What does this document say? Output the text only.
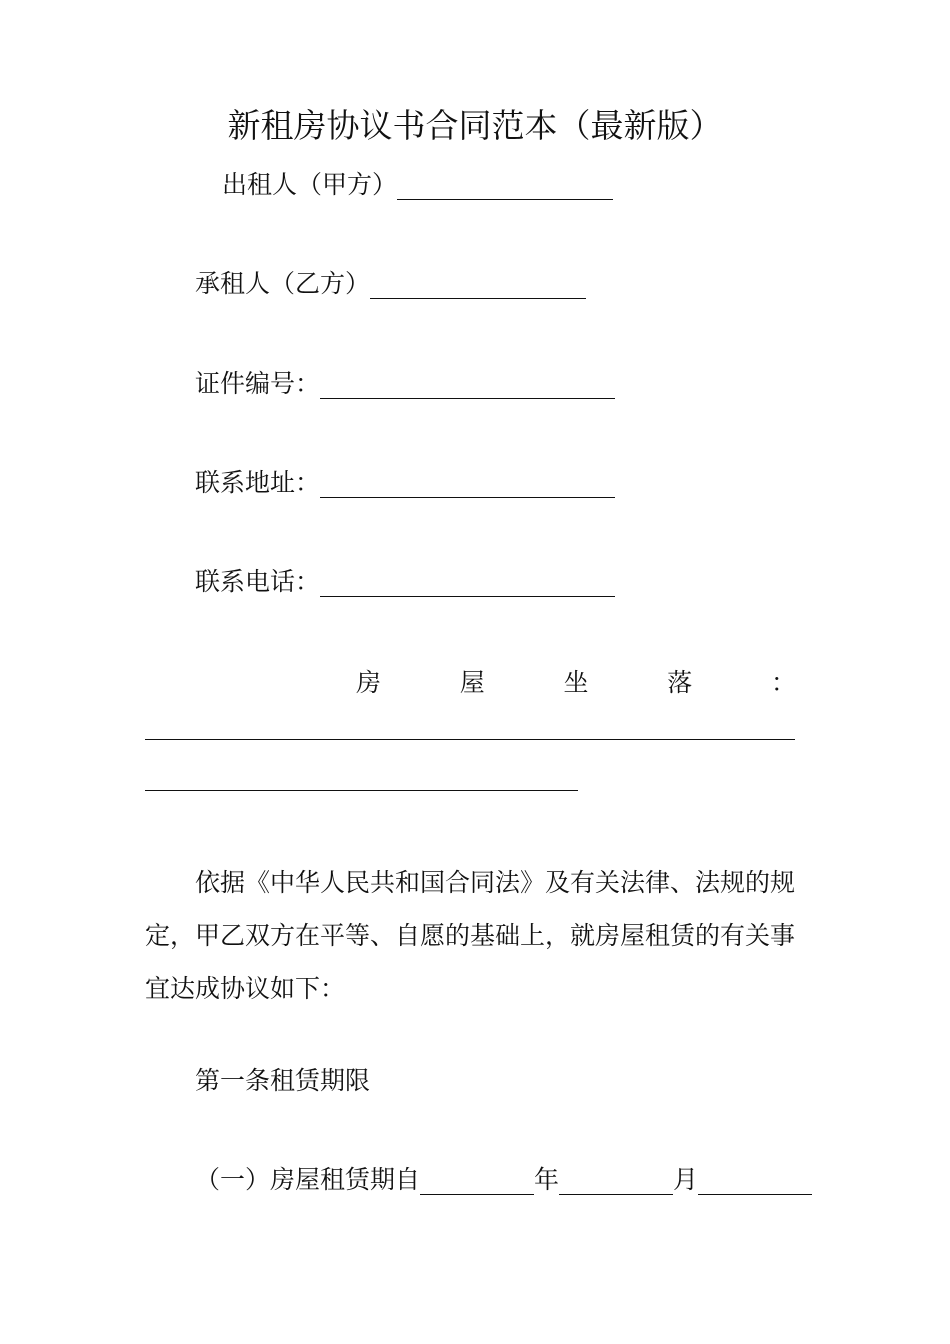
新租房协议书合同范本（最新版）
出租人（甲方）
承租人（乙方）
证件编号：
联系地址：
联系电话：
房	屋	坐	落	：
依据《中华人民共和国合同法》及有关法律、法规的规
定，甲乙双方在平等、自愿的基础上，就房屋租赁的有关事
宜达成协议如下：
第一条租赁期限
（一）房屋租赁期自	年	月
